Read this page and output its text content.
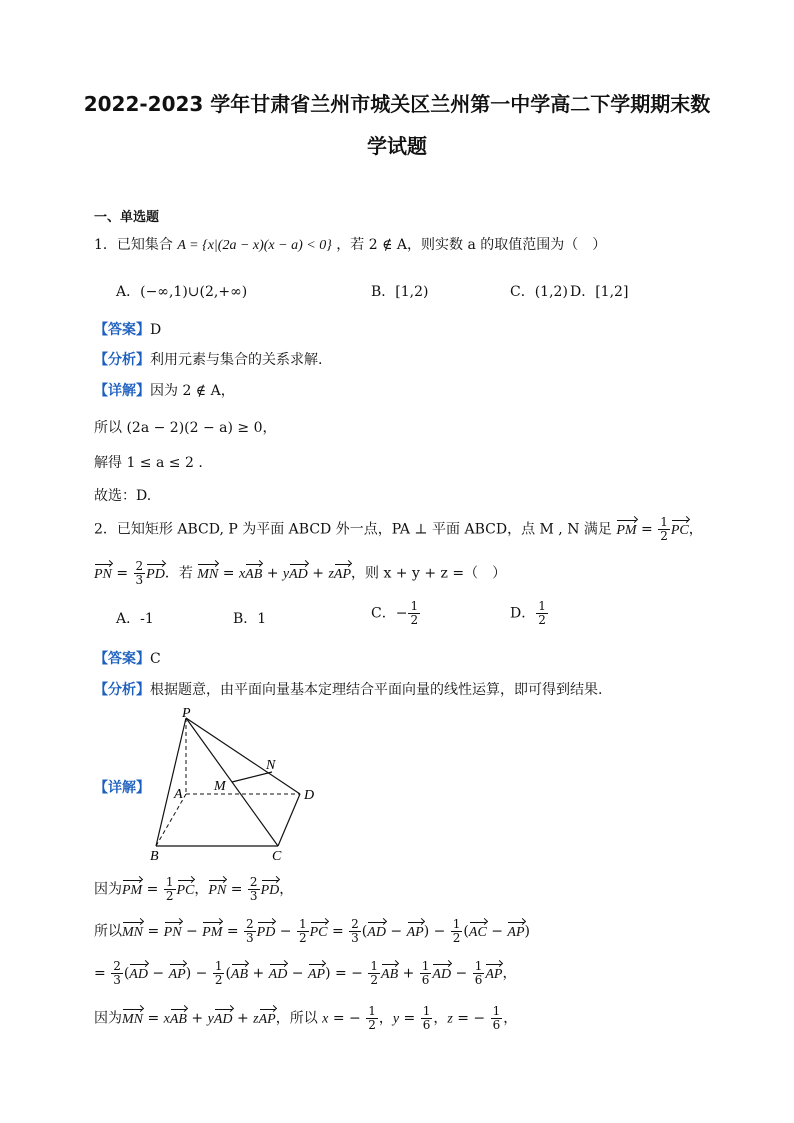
2022-2023 学年甘肃省兰州市城关区兰州第一中学高二下学期期末数
学试题
一、单选题
1．已知集合 A = {x|(2a − x)(x − a) < 0} ，若 2 ∉ A，则实数 a 的取值范围为（　）
A．(−∞,1)∪(2,+∞)	B．[1,2)	C．(1,2) D．[1,2]
【答案】D
【分析】利用元素与集合的关系求解.
【详解】因为 2 ∉ A，
所以 (2a − 2)(2 − a) ≥ 0，
解得 1 ≤ a ≤ 2 .
故选：D.
2．已知矩形 ABCD, P 为平面 ABCD 外一点，PA ⊥ 平面 ABCD，点 M , N 满足 PM = $\frac{1}{2}$ PC，
PN = $\frac{2}{3}$ PD．若 MN = xAB + yAD + zAP，则 x + y + z =（　）
A．-1	B．1	C．− $\frac{1}{2}$	D． $\frac{1}{2}$
【答案】C
【分析】根据题意，由平面向量基本定理结合平面向量的线性运算，即可得到结果.
【详解】
P
A
M
N
D
B	C
因为PM = $\frac{1}{2}$ PC，PN = $\frac{2}{3}$ PD，
所以MN = PN − PM = $\frac{2}{3}$ PD − $\frac{1}{2}$ PC = $\frac{2}{3} (AD - AP) - \frac{1}{2} (AC - AP)$
= $\frac{2}{3} (AD - AP) - \frac{1}{2} (AB$ + AD − AP) = − $\frac{1}{2}$ AB + $\frac{1}{6}$ AD − $\frac{1}{6}$ AP，
因为MN = xAB + yAD + zAP，所以 x = − $\frac{1}{2}$ ，$y = \frac{1}{6}$ ，z = − $\frac{1}{6}$ ，
